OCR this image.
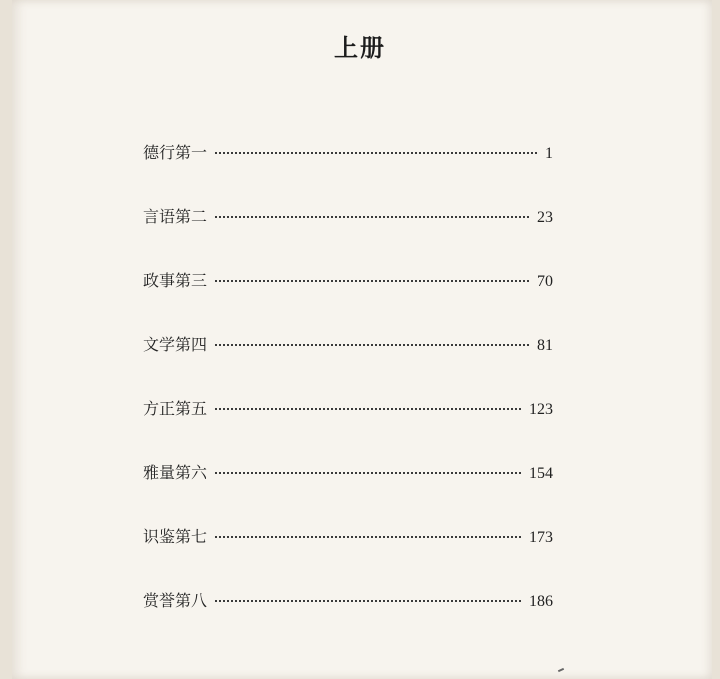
上册
德行第一	1
言语第二	23
政事第三	70
文学第四	81
方正第五	123
雅量第六	154
识鉴第七	173
赏誉第八	186
